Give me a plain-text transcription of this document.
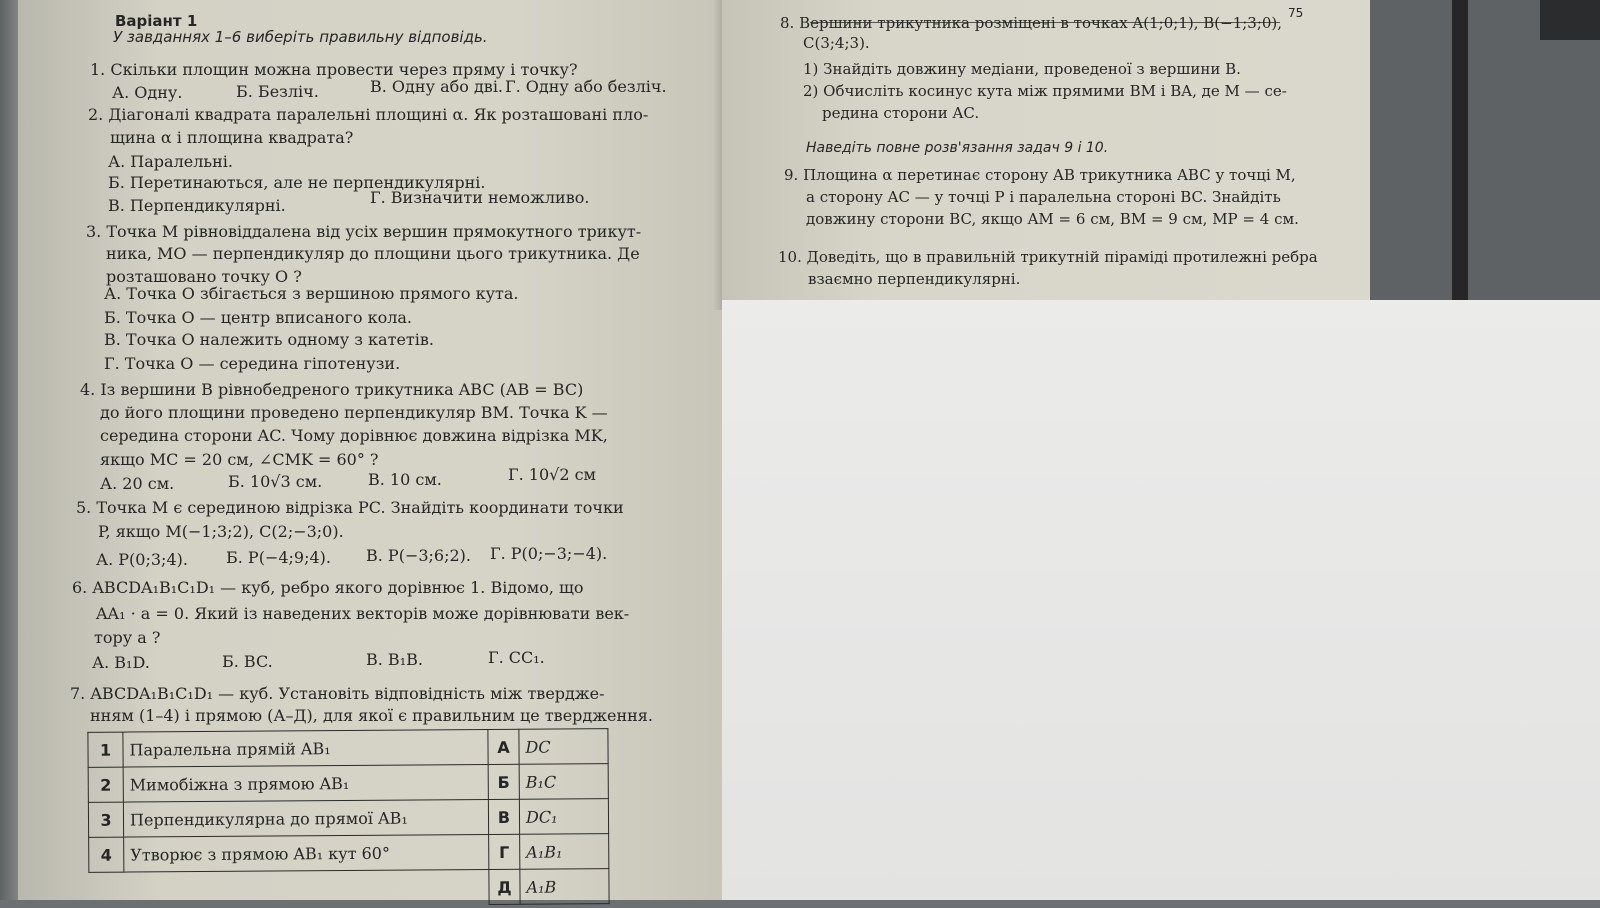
Варіант 1
У завданнях 1–6 виберіть правильну відповідь.
1. Скільки площин можна провести через пряму і точку?
А. Одну.	Б. Безліч.	В. Одну або дві. Г. Одну або безліч.
2. Діагоналі квадрата паралельні площині α. Як розташовані пло-
щина α і площина квадрата?
А. Паралельні.
Б. Перетинаються, але не перпендикулярні.
В. Перпендикулярні.	Г. Визначити неможливо.
3. Точка M рівновіддалена від усіх вершин прямокутного трикут-
ника, MO — перпендикуляр до площини цього трикутника. Де
розташовано точку O ?
А. Точка O збігається з вершиною прямого кута.
Б. Точка O — центр вписаного кола.
В. Точка O належить одному з катетів.
Г. Точка O — середина гіпотенузи.
4. Із вершини B рівнобедреного трикутника ABC (AB = BC)
до його площини проведено перпендикуляр BM. Точка K —
середина сторони AC. Чому дорівнює довжина відрізка MK,
якщо MC = 20 см, ∠CMK = 60° ?
А. 20 см.	Б. 10√3 см.	В. 10 см.	Г. 10√2 см
5. Точка M є серединою відрізка PC. Знайдіть координати точки
P, якщо M(−1;3;2), C(2;−3;0).
А. P(0;3;4). Б. P(−4;9;4). В. P(−3;6;2). Г. P(0;−3;−4).
6. ABCDA₁B₁C₁D₁ — куб, ребро якого дорівнює 1. Відомо, що
AA₁ · a = 0. Який із наведених векторів може дорівнювати век-
тору a ?
А. B₁D.	Б. BC.	В. B₁B.	Г. CC₁.
7. ABCDA₁B₁C₁D₁ — куб. Установіть відповідність між твердже-
нням (1–4) і прямою (А–Д), для якої є правильним це твердження.
1	Паралельна прямій AB₁	А	DC
2	Мимобіжна з прямою AB₁	Б	B₁C
3	Перпендикулярна до прямої AB₁	В	DC₁
4	Утворює з прямою AB₁ кут 60°	Г	A₁B₁
		Д	A₁B
75
8. Вершини трикутника розміщені в точках A(1;0;1), B(−1;3;0),
C(3;4;3).
1) Знайдіть довжину медіани, проведеної з вершини B.
2) Обчисліть косинус кута між прямими BM і BA, де M — се-
редина сторони AC.
Наведіть повне розв'язання задач 9 і 10.
9. Площина α перетинає сторону AB трикутника ABC у точці M,
а сторону AC — у точці P і паралельна стороні BC. Знайдіть
довжину сторони BC, якщо AM = 6 см, BM = 9 см, MP = 4 см.
10. Доведіть, що в правильній трикутній піраміді протилежні ребра
взаємно перпендикулярні.
